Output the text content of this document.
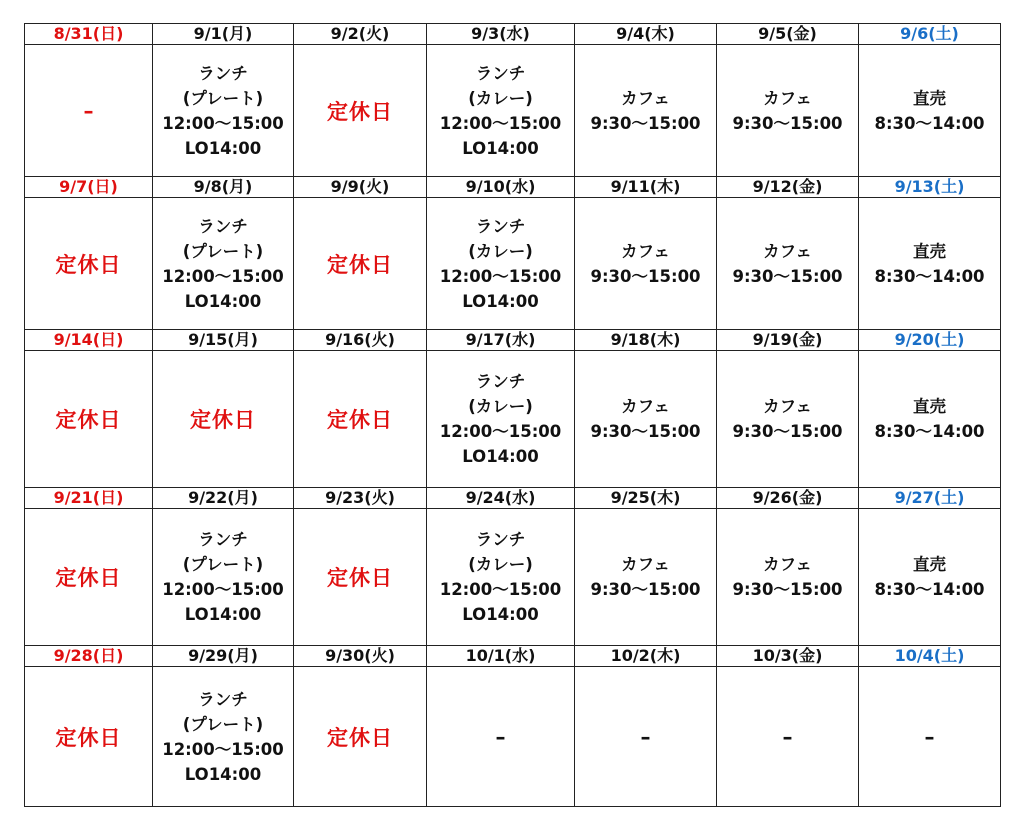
8/31(日)	9/1(月)	9/2(火)	9/3(水)	9/4(木)	9/5(金)	9/6(土)

–	ランチ
(プレート)
12:00〜15:00
LO14:00	定休日	ランチ
(カレー)
12:00〜15:00
LO14:00	カフェ
9:30〜15:00	カフェ
9:30〜15:00	直売
8:30〜14:00

9/7(日)	9/8(月)	9/9(火)	9/10(水)	9/11(木)	9/12(金)	9/13(土)

定休日	ランチ
(プレート)
12:00〜15:00
LO14:00	定休日	ランチ
(カレー)
12:00〜15:00
LO14:00	カフェ
9:30〜15:00	カフェ
9:30〜15:00	直売
8:30〜14:00

9/14(日)	9/15(月)	9/16(火)	9/17(水)	9/18(木)	9/19(金)	9/20(土)

定休日	定休日	定休日	ランチ
(カレー)
12:00〜15:00
LO14:00	カフェ
9:30〜15:00	カフェ
9:30〜15:00	直売
8:30〜14:00

9/21(日)	9/22(月)	9/23(火)	9/24(水)	9/25(木)	9/26(金)	9/27(土)

定休日	ランチ
(プレート)
12:00〜15:00
LO14:00	定休日	ランチ
(カレー)
12:00〜15:00
LO14:00	カフェ
9:30〜15:00	カフェ
9:30〜15:00	直売
8:30〜14:00

9/28(日)	9/29(月)	9/30(火)	10/1(水)	10/2(木)	10/3(金)	10/4(土)

定休日	ランチ
(プレート)
12:00〜15:00
LO14:00	定休日	–	–	–	–
